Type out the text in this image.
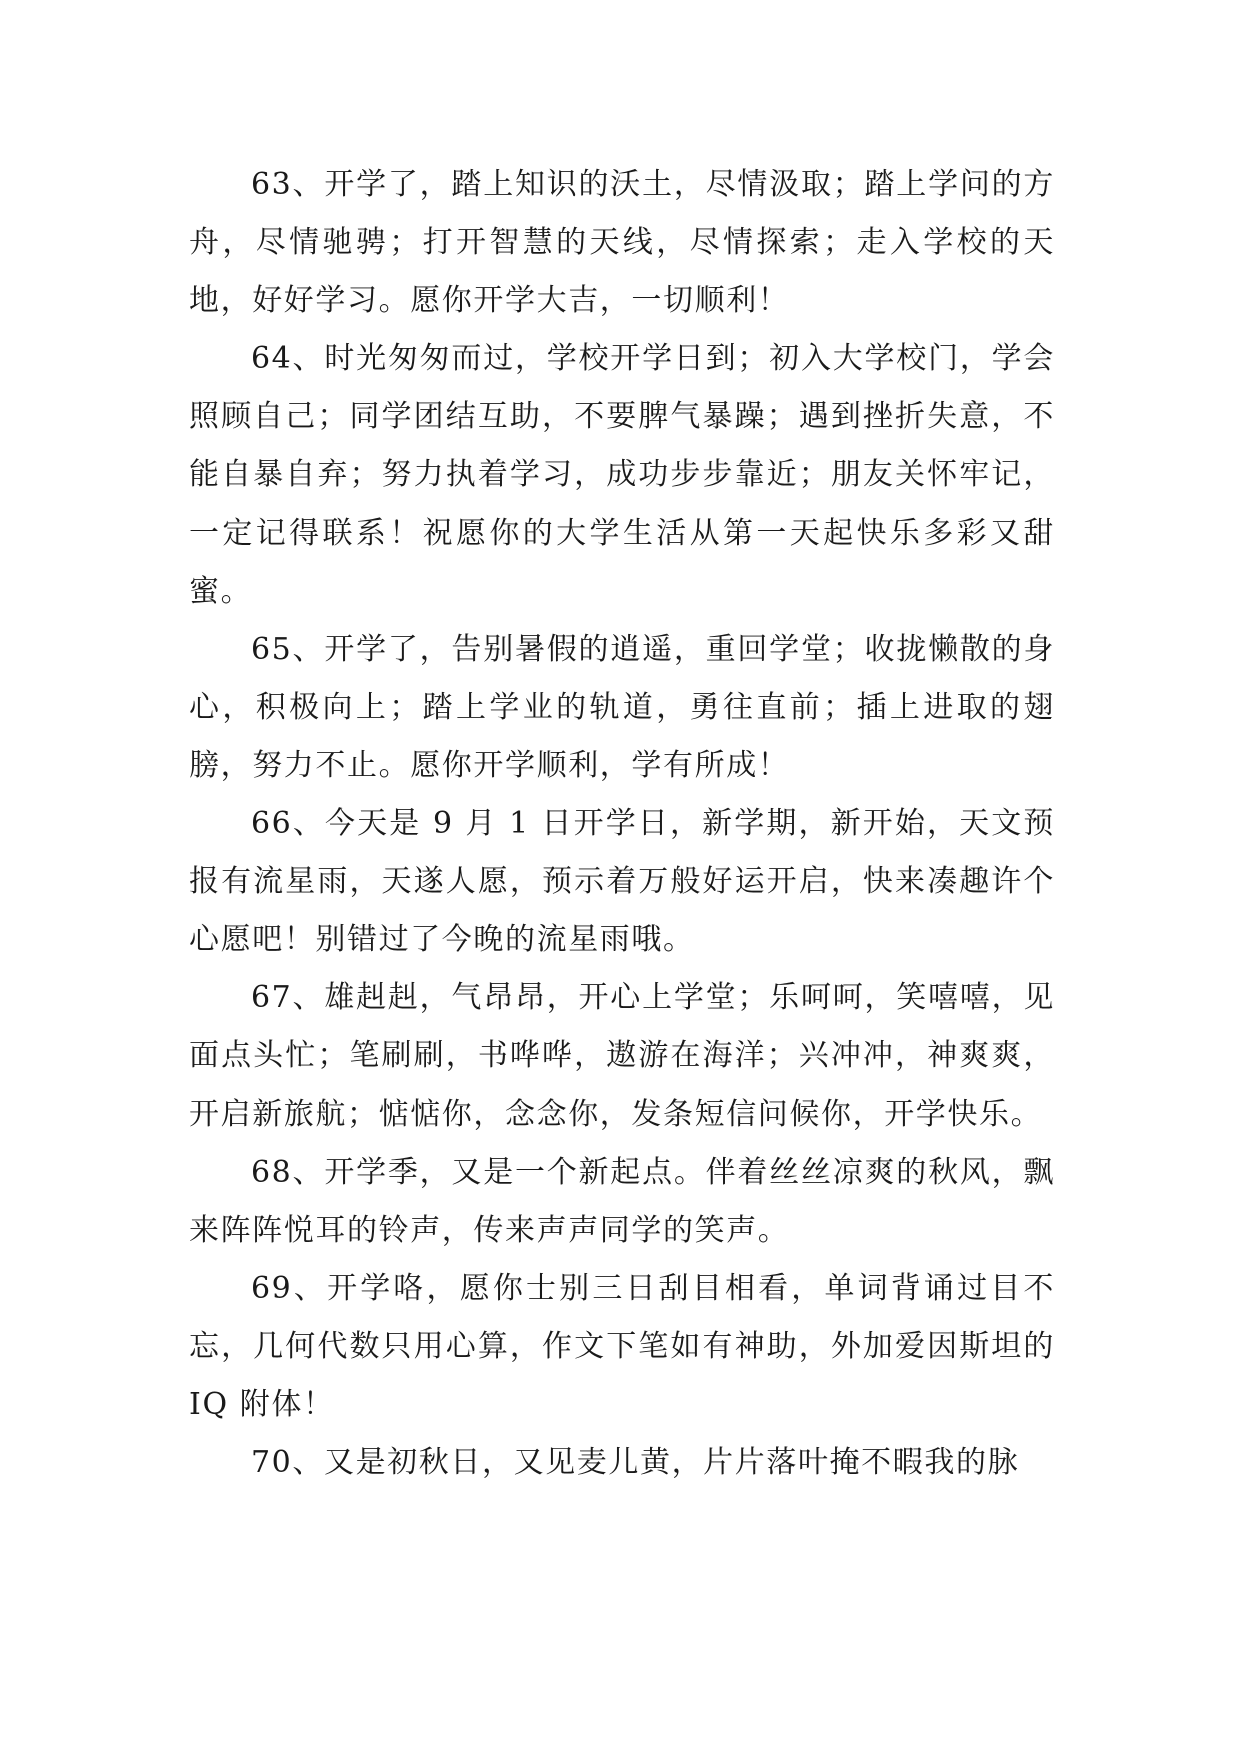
63、开学了，踏上知识的沃土，尽情汲取；踏上学问的方舟，尽情驰骋；打开智慧的天线，尽情探索；走入学校的天地，好好学习。愿你开学大吉，一切顺利！

64、时光匆匆而过，学校开学日到；初入大学校门，学会照顾自己；同学团结互助，不要脾气暴躁；遇到挫折失意，不能自暴自弃；努力执着学习，成功步步靠近；朋友关怀牢记，一定记得联系！祝愿你的大学生活从第一天起快乐多彩又甜蜜。

65、开学了，告别暑假的逍遥，重回学堂；收拢懒散的身心，积极向上；踏上学业的轨道，勇往直前；插上进取的翅膀，努力不止。愿你开学顺利，学有所成！

66、今天是 9 月 1 日开学日，新学期，新开始，天文预报有流星雨，天遂人愿，预示着万般好运开启，快来凑趣许个心愿吧！别错过了今晚的流星雨哦。

67、雄赳赳，气昂昂，开心上学堂；乐呵呵，笑嘻嘻，见面点头忙；笔刷刷，书哗哗，遨游在海洋；兴冲冲，神爽爽，开启新旅航；惦惦你，念念你，发条短信问候你，开学快乐。

68、开学季，又是一个新起点。伴着丝丝凉爽的秋风，飘来阵阵悦耳的铃声，传来声声同学的笑声。

69、开学咯，愿你士别三日刮目相看，单词背诵过目不忘，几何代数只用心算，作文下笔如有神助，外加爱因斯坦的 IQ 附体！

70、又是初秋日，又见麦儿黄，片片落叶掩不暇我的脉
